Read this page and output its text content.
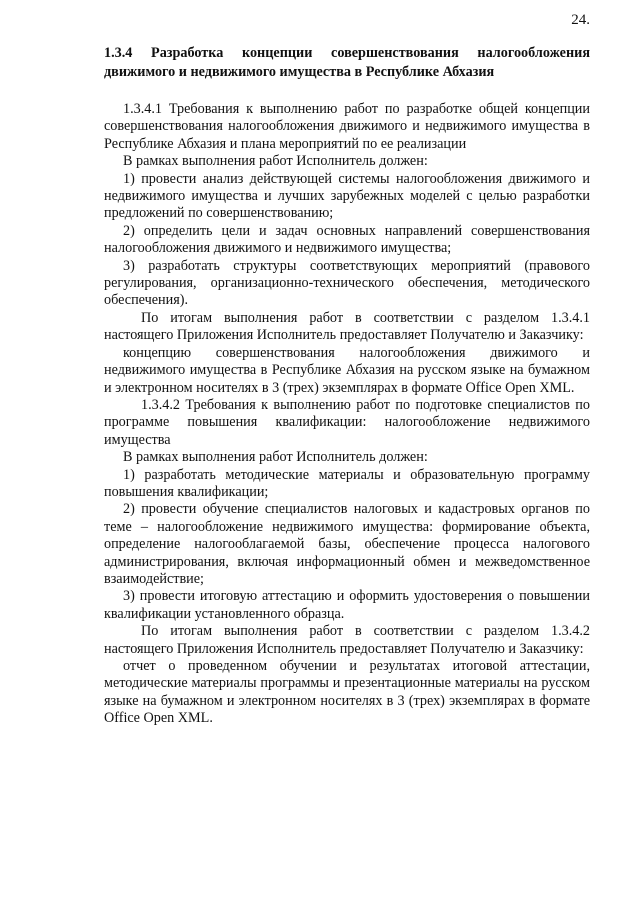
24.
1.3.4 Разработка концепции совершенствования налогообложения движимого и недвижимого имущества в Республике Абхазия

1.3.4.1 Требования к выполнению работ по разработке общей концепции совершенствования налогообложения движимого и недвижимого имущества в Республике Абхазия и плана мероприятий по ее реализации

В рамках выполнения работ Исполнитель должен:

1) провести анализ действующей системы налогообложения движимого и недвижимого имущества и лучших зарубежных моделей с целью разработки предложений по совершенствованию;

2) определить цели и задач основных направлений совершенствования налогообложения движимого и недвижимого имущества;

3) разработать структуры соответствующих мероприятий (правового регулирования, организационно-технического обеспечения, методического обеспечения).

По итогам выполнения работ в соответствии с разделом 1.3.4.1 настоящего Приложения Исполнитель предоставляет Получателю и Заказчику:

концепцию совершенствования налогообложения движимого и недвижимого имущества в Республике Абхазия на русском языке на бумажном и электронном носителях в 3 (трех) экземплярах в формате Office Open XML.

1.3.4.2 Требования к выполнению работ по подготовке специалистов по программе повышения квалификации: налогообложение недвижимого имущества

В рамках выполнения работ Исполнитель должен:

1) разработать методические материалы и образовательную программу повышения квалификации;

2) провести обучение специалистов налоговых и кадастровых органов по теме – налогообложение недвижимого имущества: формирование объекта, определение налогооблагаемой базы, обеспечение процесса налогового администрирования, включая информационный обмен и межведомственное взаимодействие;

3) провести итоговую аттестацию и оформить удостоверения о повышении квалификации установленного образца.

По итогам выполнения работ в соответствии с разделом 1.3.4.2 настоящего Приложения Исполнитель предоставляет Получателю и Заказчику:

отчет о проведенном обучении и результатах итоговой аттестации, методические материалы программы и презентационные материалы на русском языке на бумажном и электронном носителях в 3 (трех) экземплярах в формате Office Open XML.
